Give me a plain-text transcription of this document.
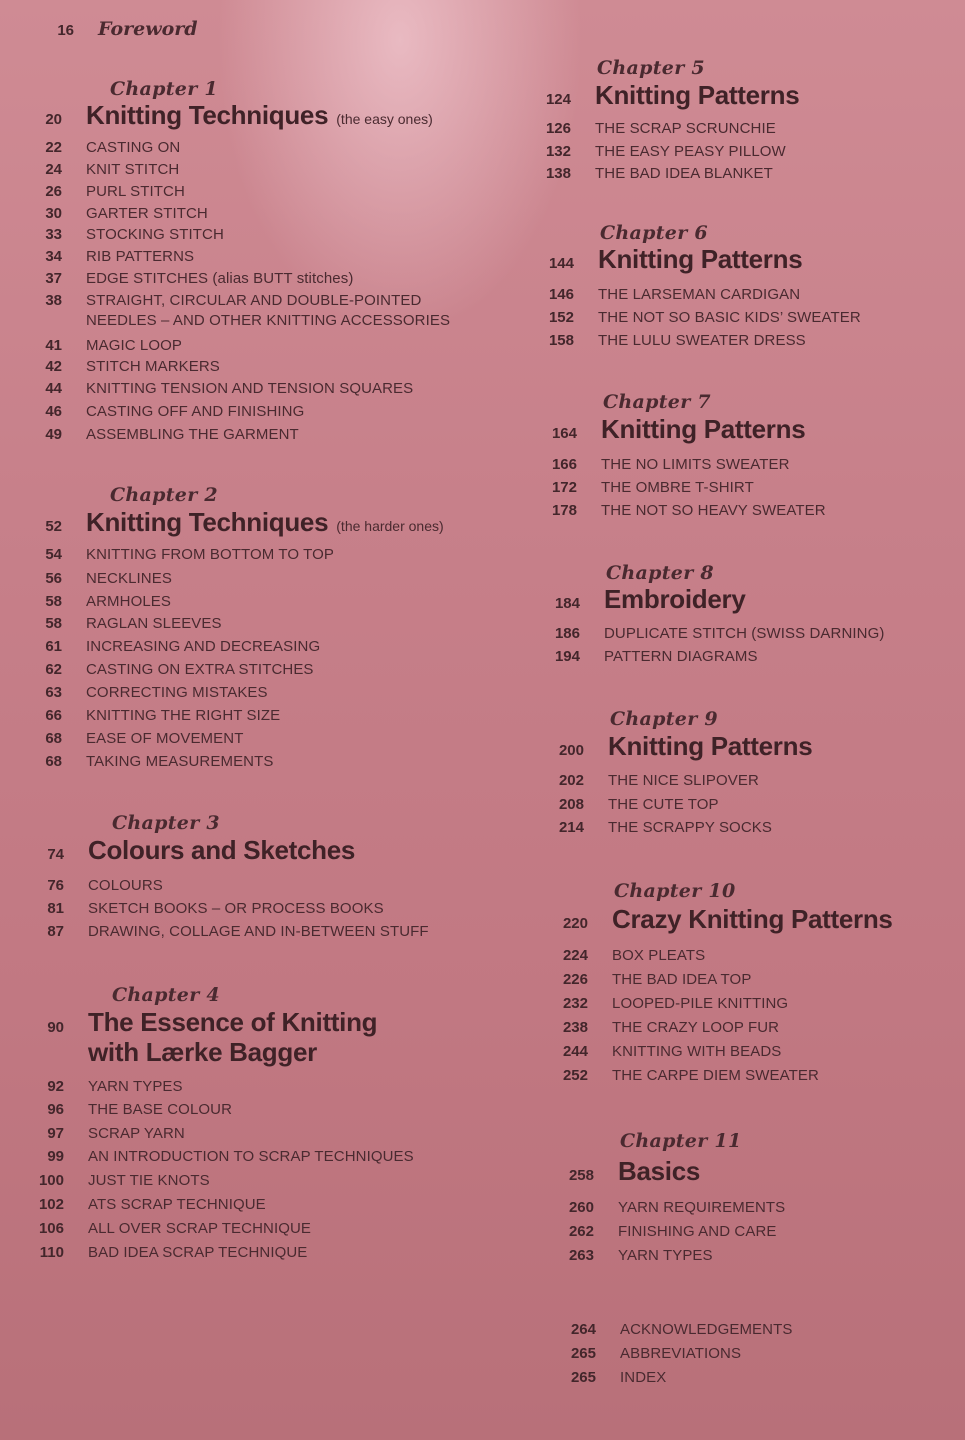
16 Foreword
Chapter 1
20 Knitting Techniques (the easy ones)
22 CASTING ON
24 KNIT STITCH
26 PURL STITCH
30 GARTER STITCH
33 STOCKING STITCH
34 RIB PATTERNS
37 EDGE STITCHES (alias BUTT stitches)
38 STRAIGHT, CIRCULAR AND DOUBLE-POINTED
NEEDLES – AND OTHER KNITTING ACCESSORIES
41 MAGIC LOOP
42 STITCH MARKERS
44 KNITTING TENSION AND TENSION SQUARES
46 CASTING OFF AND FINISHING
49 ASSEMBLING THE GARMENT
Chapter 2
52 Knitting Techniques (the harder ones)
54 KNITTING FROM BOTTOM TO TOP
56 NECKLINES
58 ARMHOLES
58 RAGLAN SLEEVES
61 INCREASING AND DECREASING
62 CASTING ON EXTRA STITCHES
63 CORRECTING MISTAKES
66 KNITTING THE RIGHT SIZE
68 EASE OF MOVEMENT
68 TAKING MEASUREMENTS
Chapter 3
74 Colours and Sketches
76 COLOURS
81 SKETCH BOOKS – OR PROCESS BOOKS
87 DRAWING, COLLAGE AND IN-BETWEEN STUFF
Chapter 4
90 The Essence of Knitting with Lærke Bagger
92 YARN TYPES
96 THE BASE COLOUR
97 SCRAP YARN
99 AN INTRODUCTION TO SCRAP TECHNIQUES
100 JUST TIE KNOTS
102 ATS SCRAP TECHNIQUE
106 ALL OVER SCRAP TECHNIQUE
110 BAD IDEA SCRAP TECHNIQUE
Chapter 5
124 Knitting Patterns
126 THE SCRAP SCRUNCHIE
132 THE EASY PEASY PILLOW
138 THE BAD IDEA BLANKET
Chapter 6
144 Knitting Patterns
146 THE LARSEMAN CARDIGAN
152 THE NOT SO BASIC KIDS’ SWEATER
158 THE LULU SWEATER DRESS
Chapter 7
164 Knitting Patterns
166 THE NO LIMITS SWEATER
172 THE OMBRE T-SHIRT
178 THE NOT SO HEAVY SWEATER
Chapter 8
184 Embroidery
186 DUPLICATE STITCH (SWISS DARNING)
194 PATTERN DIAGRAMS
Chapter 9
200 Knitting Patterns
202 THE NICE SLIPOVER
208 THE CUTE TOP
214 THE SCRAPPY SOCKS
Chapter 10
220 Crazy Knitting Patterns
224 BOX PLEATS
226 THE BAD IDEA TOP
232 LOOPED-PILE KNITTING
238 THE CRAZY LOOP FUR
244 KNITTING WITH BEADS
252 THE CARPE DIEM SWEATER
Chapter 11
258 Basics
260 YARN REQUIREMENTS
262 FINISHING AND CARE
263 YARN TYPES
264 ACKNOWLEDGEMENTS
265 ABBREVIATIONS
265 INDEX
